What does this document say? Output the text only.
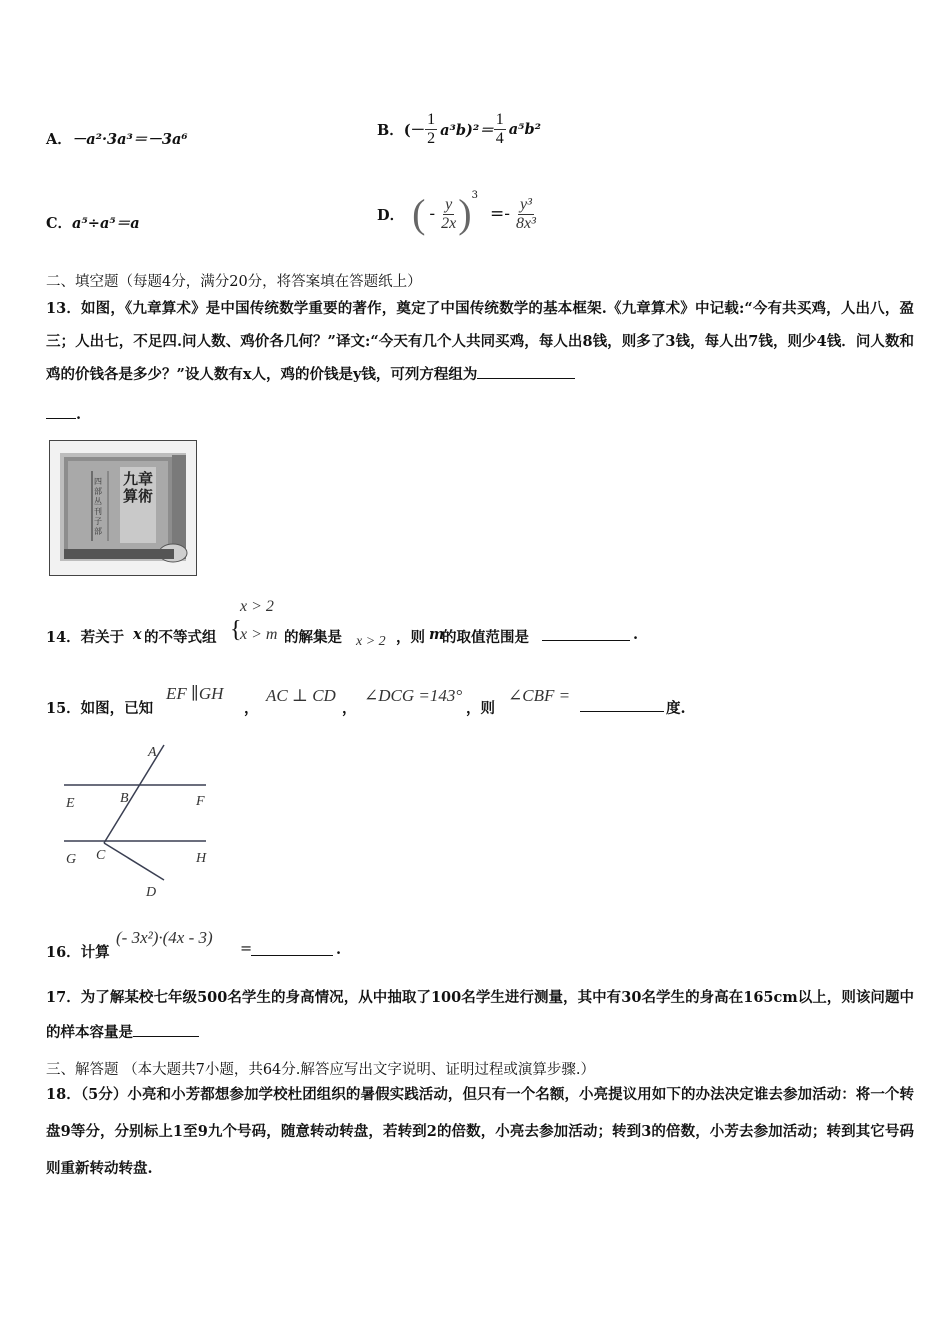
A．－a²·3a³＝－3a⁶
B． (－ $\frac{1}{2} a^3b)^2= \frac{1}{4} a^5b^2$
C．a⁵÷a⁵＝a	D． ( - $\frac{y}{2x}$ ) 3
=- $\frac{\text{y³}}{\text{8x³}}$
二、填空题（每题4分，满分20分，将答案填在答题纸上）
13．如图，《九章算术》是中国传统数学重要的著作，奠定了中国传统数学的基本框架.《九章算术》中记载:“今有共买鸡，人出八，盈三；人出七，不足四.问人数、鸡价各几何？”译文:“今天有几个人共同买鸡，每人出8钱，则多了3钱，每人出7钱，则少4钱．问人数和鸡的价钱各是多少？”设人数有x人，鸡的价钱是y钱，可列方程组为
.
九章算術
四部丛刊子部
14．若关于 x 的不等式组 {
x > 2
x > m 的解集是 x > 2 ，则 m
的取值范围是	.
15．如图，已知
EF ∥GH
，
AC ⊥ CD
，
∠DCG =143°
，则
∠CBF =
度.
A
B
E	F
G C	H
D
16．计算
(- 3x²)·(4x - 3)
=	.
17．为了解某校七年级500名学生的身高情况，从中抽取了100名学生进行测量，其中有30名学生的身高在165cm以上，则该问题中的样本容量是
三、解答题 （本大题共7小题，共64分.解答应写出文字说明、证明过程或演算步骤.）
18．（5分）小亮和小芳都想参加学校杜团组织的暑假实践活动，但只有一个名额，小亮提议用如下的办法决定谁去参加活动：将一个转盘9等分，分别标上1至9九个号码，随意转动转盘，若转到2的倍数，小亮去参加活动；转到3的倍数，小芳去参加活动；转到其它号码则重新转动转盘.
